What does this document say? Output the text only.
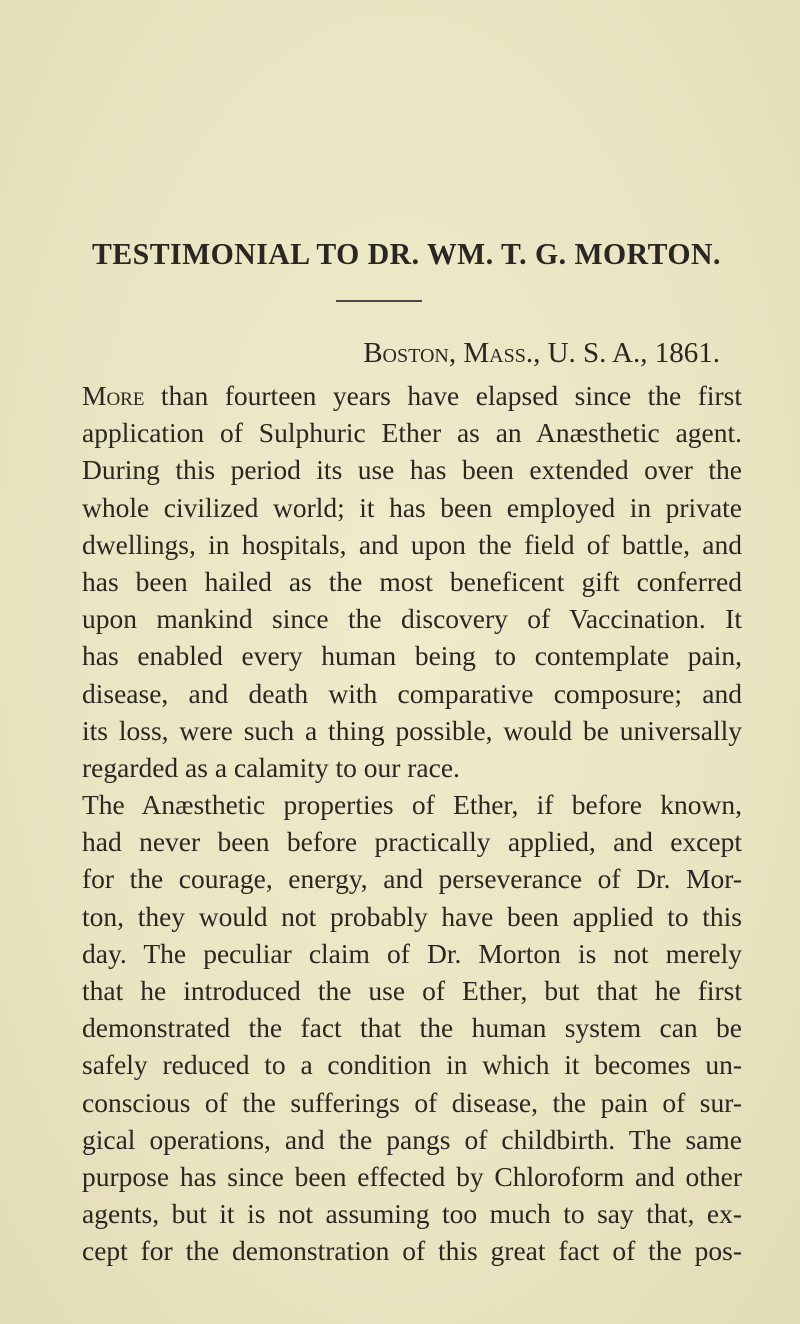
TESTIMONIAL TO DR. WM. T. G. MORTON.
Boston, Mass., U. S. A., 1861.
More than fourteen years have elapsed since the first
application of Sulphuric Ether as an Anæsthetic agent.
During this period its use has been extended over the
whole civilized world; it has been employed in private
dwellings, in hospitals, and upon the field of battle, and
has been hailed as the most beneficent gift conferred
upon mankind since the discovery of Vaccination. It
has enabled every human being to contemplate pain,
disease, and death with comparative composure; and
its loss, were such a thing possible, would be universally
regarded as a calamity to our race.
The Anæsthetic properties of Ether, if before known,
had never been before practically applied, and except
for the courage, energy, and perseverance of Dr. Mor-
ton, they would not probably have been applied to this
day. The peculiar claim of Dr. Morton is not merely
that he introduced the use of Ether, but that he first
demonstrated the fact that the human system can be
safely reduced to a condition in which it becomes un-
conscious of the sufferings of disease, the pain of sur-
gical operations, and the pangs of childbirth. The same
purpose has since been effected by Chloroform and other
agents, but it is not assuming too much to say that, ex-
cept for the demonstration of this great fact of the pos-
